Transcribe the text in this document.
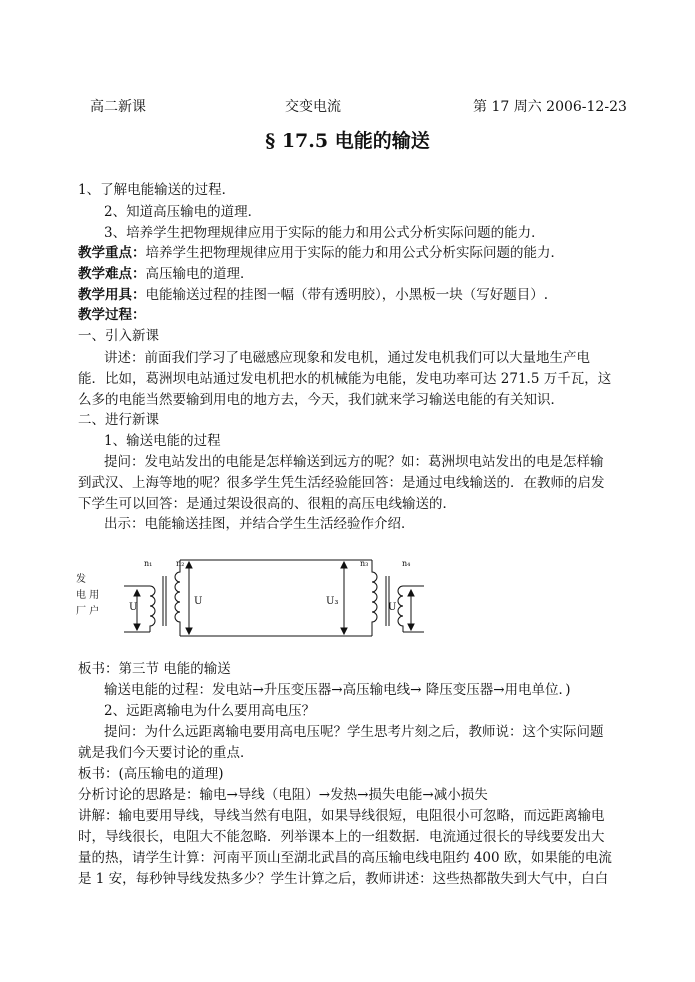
高二新课	交变电流	第 17 周六 2006-12-23
§ 17.5 电能的输送
1、了解电能输送的过程．
2、知道高压输电的道理．
3、培养学生把物理规律应用于实际的能力和用公式分析实际问题的能力．
教学重点：培养学生把物理规律应用于实际的能力和用公式分析实际问题的能力．
教学难点：高压输电的道理．
教学用具：电能输送过程的挂图一幅（带有透明胶），小黑板一块（写好题目）.
教学过程：
一、引入新课
讲述：前面我们学习了电磁感应现象和发电机，通过发电机我们可以大量地生产电
能．比如，葛洲坝电站通过发电机把水的机械能为电能，发电功率可达 271.5 万千瓦，这
么多的电能当然要输到用电的地方去，今天，我们就来学习输送电能的有关知识．
二、进行新课
1、输送电能的过程
提问：发电站发出的电能是怎样输送到远方的呢？如：葛洲坝电站发出的电是怎样输
到武汉、上海等地的呢？很多学生凭生活经验能回答：是通过电线输送的．在教师的启发
下学生可以回答：是通过架设很高的、很粗的高压电线输送的．
出示：电能输送挂图，并结合学生生活经验作介绍．
发
电 用
厂 户
n₁	n₂	n₃	n₄
U
U	U₃
U
板书：第三节 电能的输送
输送电能的过程：发电站→升压变压器→高压输电线→ 降压变压器→用电单位．)
2、远距离输电为什么要用高电压？
提问：为什么远距离输电要用高电压呢？学生思考片刻之后，教师说：这个实际问题
就是我们今天要讨论的重点．
板书：(高压输电的道理)
分析讨论的思路是：输电→导线（电阻）→发热→损失电能→减小损失
讲解：输电要用导线，导线当然有电阻，如果导线很短，电阻很小可忽略，而远距离输电
时，导线很长，电阻大不能忽略．列举课本上的一组数据．电流通过很长的导线要发出大
量的热，请学生计算：河南平顶山至湖北武昌的高压输电线电阻约 400 欧，如果能的电流
是 1 安，每秒钟导线发热多少？学生计算之后，教师讲述：这些热都散失到大气中，白白
